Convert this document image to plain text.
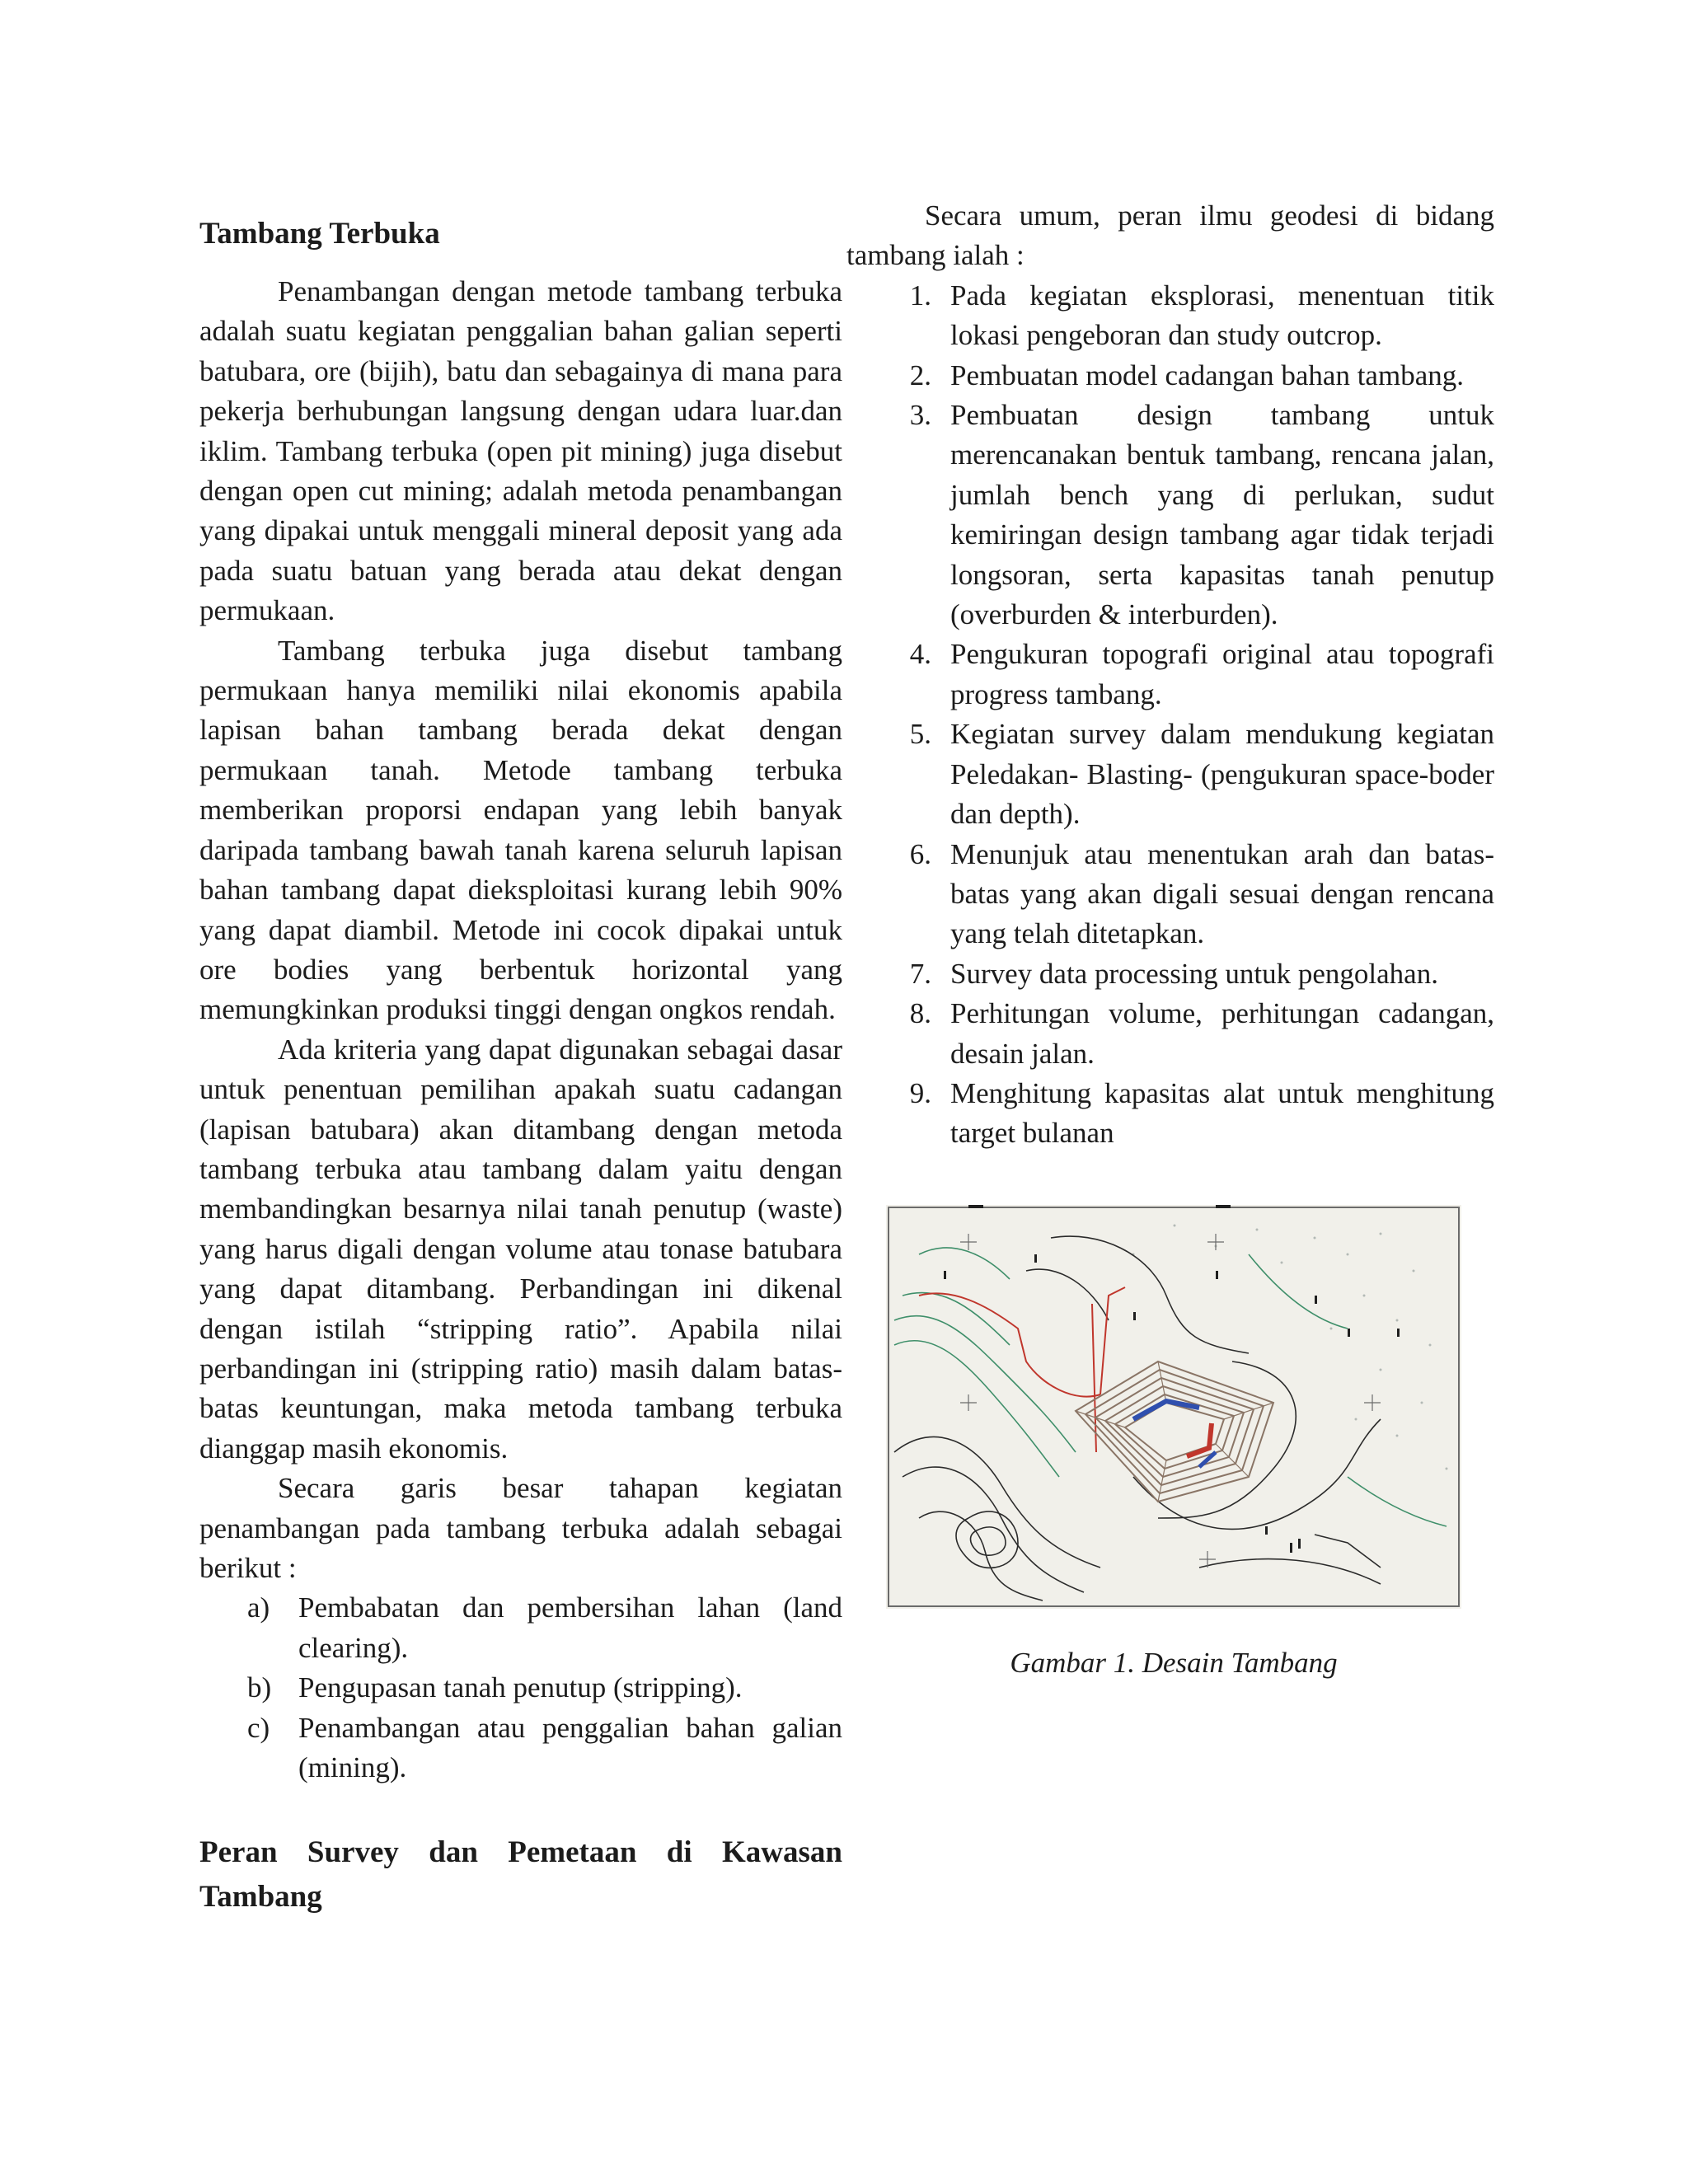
Tambang Terbuka

Penambangan dengan metode tambang terbuka adalah suatu kegiatan penggalian bahan galian seperti batubara, ore (bijih), batu dan sebagainya di mana para pekerja berhubungan langsung dengan udara luar.dan iklim. Tambang terbuka (open pit mining) juga disebut dengan open cut mining; adalah metoda penambangan yang dipakai untuk menggali mineral deposit yang ada pada suatu batuan yang berada atau dekat dengan permukaan.

Tambang terbuka juga disebut tambang permukaan hanya memiliki nilai ekonomis apabila lapisan bahan tambang berada dekat dengan permukaan tanah. Metode tambang terbuka memberikan proporsi endapan yang lebih banyak daripada tambang bawah tanah karena seluruh lapisan bahan tambang dapat dieksploitasi kurang lebih 90% yang dapat diambil. Metode ini cocok dipakai untuk ore bodies yang berbentuk horizontal yang memungkinkan produksi tinggi dengan ongkos rendah.

Ada kriteria yang dapat digunakan sebagai dasar untuk penentuan pemilihan apakah suatu cadangan (lapisan batubara) akan ditambang dengan metoda tambang terbuka atau tambang dalam yaitu dengan membandingkan besarnya nilai tanah penutup (waste) yang harus digali dengan volume atau tonase batubara yang dapat ditambang. Perbandingan ini dikenal dengan istilah “stripping ratio”. Apabila nilai perbandingan ini (stripping ratio) masih dalam batas-batas keuntungan, maka metoda tambang terbuka dianggap masih ekonomis.

Secara garis besar tahapan kegiatan penambangan pada tambang terbuka adalah sebagai berikut :

a) Pembabatan dan pembersihan lahan (land clearing).
b) Pengupasan tanah penutup (stripping).
c) Penambangan atau penggalian bahan galian (mining).
Peran Survey dan Pemetaan di Kawasan Tambang

Secara umum, peran ilmu geodesi di bidang tambang ialah :

1. Pada kegiatan eksplorasi, menentuan titik lokasi pengeboran dan study outcrop.
2. Pembuatan model cadangan bahan tambang.
3. Pembuatan design tambang untuk merencanakan bentuk tambang, rencana jalan, jumlah bench yang di perlukan, sudut kemiringan design tambang agar tidak terjadi longsoran, serta kapasitas tanah penutup (overburden & interburden).
4. Pengukuran topografi original atau topografi progress tambang.
5. Kegiatan survey dalam mendukung kegiatan Peledakan- Blasting- (pengukuran space-boder dan depth).
6. Menunjuk atau menentukan arah dan batas-batas yang akan digali sesuai dengan rencana yang telah ditetapkan.
7. Survey data processing untuk pengolahan.
8. Perhitungan volume, perhitungan cadangan, desain jalan.
9. Menghitung kapasitas alat untuk menghitung target bulanan
Gambar 1. Desain Tambang
